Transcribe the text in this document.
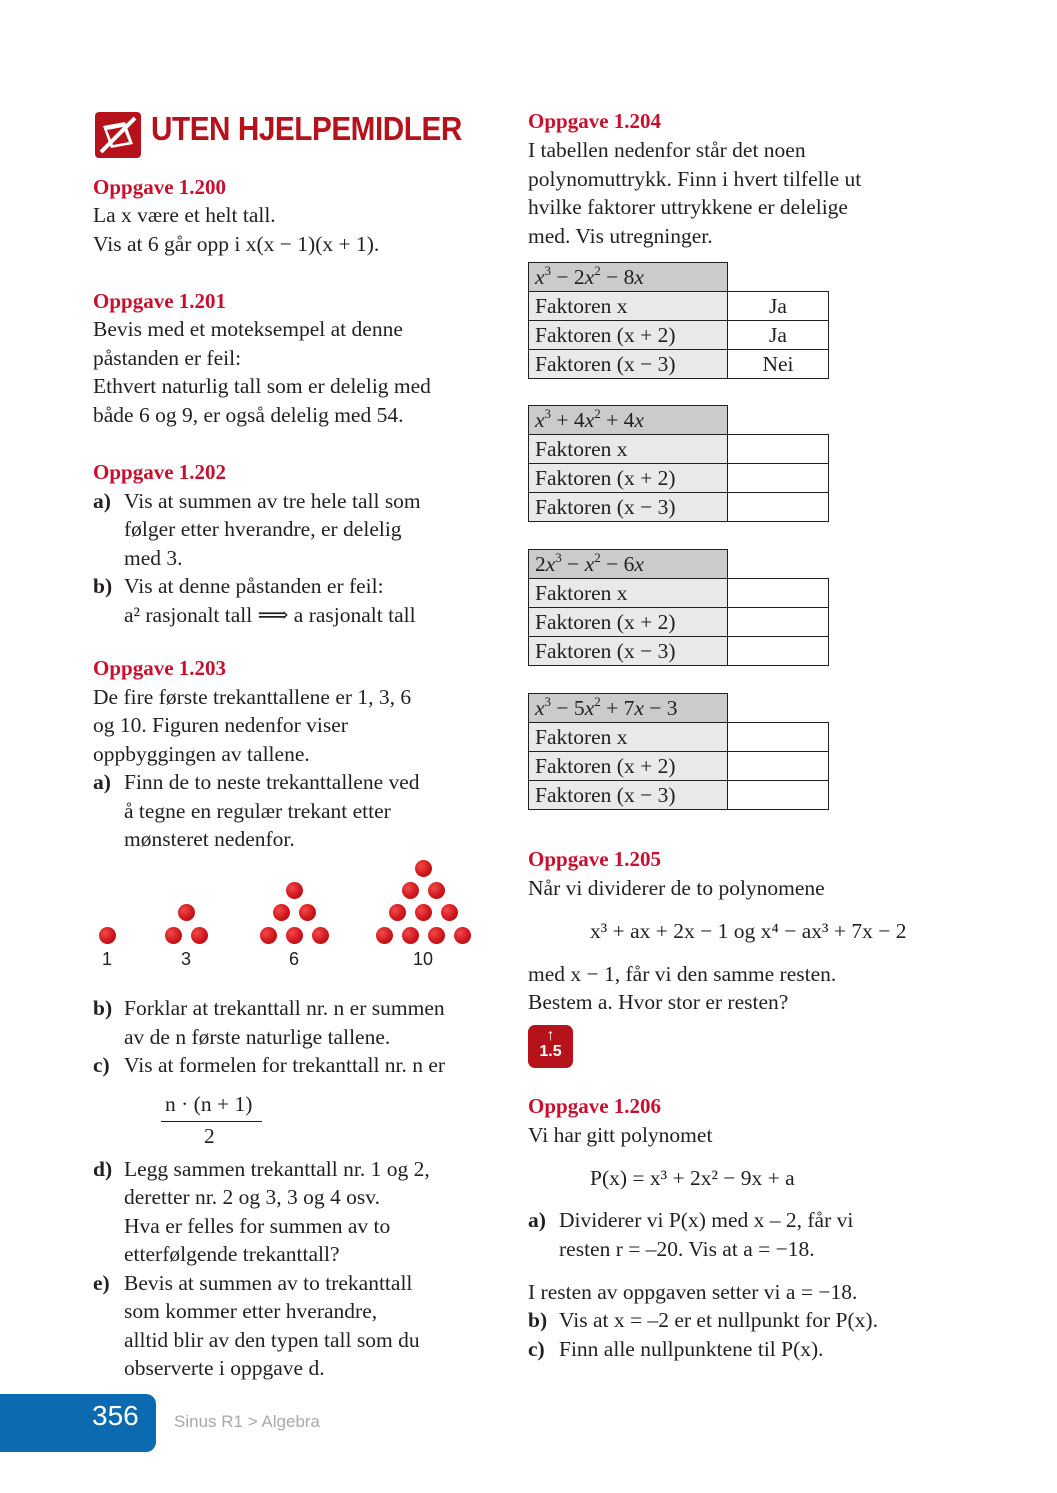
UTEN HJELPEMIDLER
Oppgave 1.200
La x være et helt tall.
Vis at 6 går opp i x(x − 1)(x + 1).
Oppgave 1.201
Bevis med et moteksempel at denne
påstanden er feil:
Ethvert naturlig tall som er delelig med
både 6 og 9, er også delelig med 54.
Oppgave 1.202
a) Vis at summen av tre hele tall som
følger etter hverandre, er delelig
med 3.
b) Vis at denne påstanden er feil:
a² rasjonalt tall ⟹ a rasjonalt tall
Oppgave 1.203
De fire første trekanttallene er 1, 3, 6
og 10. Figuren nedenfor viser
oppbyggingen av tallene.
a) Finn de to neste trekanttallene ved
å tegne en regulær trekant etter
mønsteret nedenfor.
b) Forklar at trekanttall nr. n er summen
av de n første naturlige tallene.
c) Vis at formelen for trekanttall nr. n er
n · (n + 1)
2
d) Legg sammen trekanttall nr. 1 og 2,
deretter nr. 2 og 3, 3 og 4 osv.
Hva er felles for summen av to
etterfølgende trekanttall?
e) Bevis at summen av to trekanttall
som kommer etter hverandre,
alltid blir av den typen tall som du
observerte i oppgave d.
1	3	6	10
Oppgave 1.204
I tabellen nedenfor står det noen
polynomuttrykk. Finn i hvert tilfelle ut
hvilke faktorer uttrykkene er delelige
med. Vis utregninger.
$x^3 - 2x^2 - 8x$	
Faktoren x	Ja
Faktoren (x + 2)	Ja
Faktoren (x − 3)	Nei
$x^3 + 4x^2 + 4x$	
Faktoren x	
Faktoren (x + 2)	
Faktoren (x − 3)	
$2x^3 - x^2 - 6x$	
Faktoren x	
Faktoren (x + 2)	
Faktoren (x − 3)	
$x^3 - 5x^2 + 7x - 3$	
Faktoren x	
Faktoren (x + 2)	
Faktoren (x − 3)	
Oppgave 1.205
Når vi dividerer de to polynomene
x³ + ax + 2x − 1 og x⁴ − ax³ + 7x − 2
med x − 1, får vi den samme resten.
Bestem a. Hvor stor er resten?
Oppgave 1.206
Vi har gitt polynomet
P(x) = x³ + 2x² − 9x + a
a) Dividerer vi P(x) med x – 2, får vi
resten r = –20. Vis at a = −18.
I resten av oppgaven setter vi a = −18.
b) Vis at x = –2 er et nullpunkt for P(x).
c) Finn alle nullpunktene til P(x).
↑
1.5
356 Sinus R1 > Algebra
